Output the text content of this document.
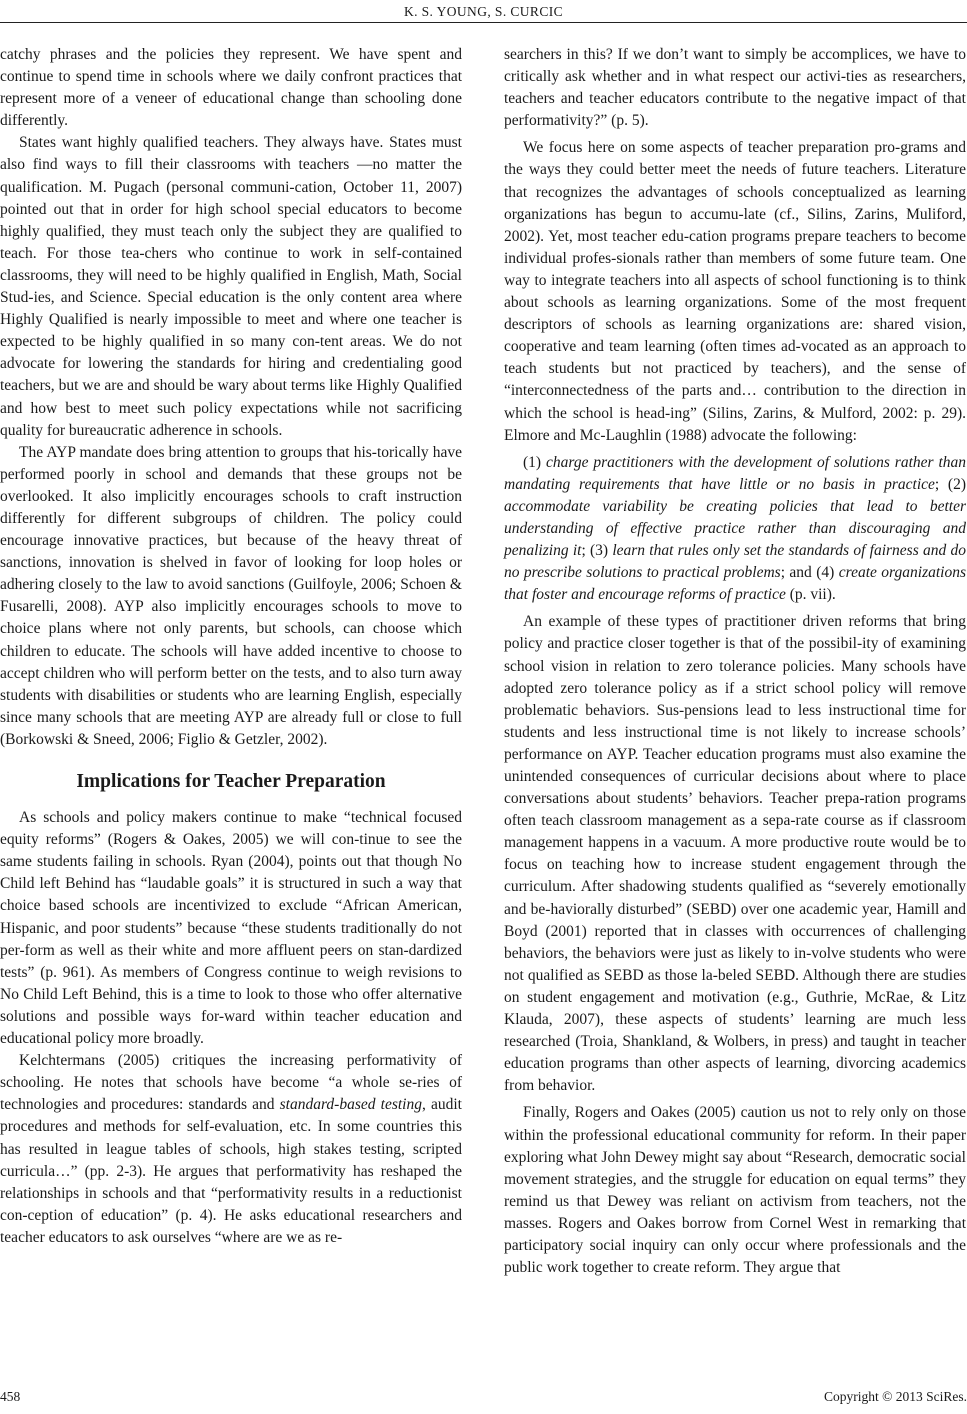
K. S. YOUNG, S. CURCIC

catchy phrases and the policies they represent. We have spent and continue to spend time in schools where we daily confront practices that represent more of a veneer of educational change than schooling done differently.

States want highly qualified teachers. They always have. States must also find ways to fill their classrooms with teachers —no matter the qualification. M. Pugach (personal communi-cation, October 11, 2007) pointed out that in order for high school special educators to become highly qualified, they must teach only the subject they are qualified to teach. For those tea-chers who continue to work in self-contained classrooms, they will need to be highly qualified in English, Math, Social Stud-ies, and Science. Special education is the only content area where Highly Qualified is nearly impossible to meet and where one teacher is expected to be highly qualified in so many con-tent areas. We do not advocate for lowering the standards for hiring and credentialing good teachers, but we are and should be wary about terms like Highly Qualified and how best to meet such policy expectations while not sacrificing quality for bureaucratic adherence in schools.

The AYP mandate does bring attention to groups that his-torically have performed poorly in school and demands that these groups not be overlooked. It also implicitly encourages schools to craft instruction differently for different subgroups of children. The policy could encourage innovative practices, but because of the heavy threat of sanctions, innovation is shelved in favor of looking for loop holes or adhering closely to the law to avoid sanctions (Guilfoyle, 2006; Schoen & Fusarelli, 2008). AYP also implicitly encourages schools to move to choice plans where not only parents, but schools, can choose which children to educate. The schools will have added incentive to choose to accept children who will perform better on the tests, and to also turn away students with disabilities or students who are learning English, especially since many schools that are meeting AYP are already full or close to full (Borkowski & Sneed, 2006; Figlio & Getzler, 2002).

Implications for Teacher Preparation

As schools and policy makers continue to make “technical focused equity reforms” (Rogers & Oakes, 2005) we will con-tinue to see the same students failing in schools. Ryan (2004), points out that though No Child left Behind has “laudable goals” it is structured in such a way that choice based schools are incentivized to exclude “African American, Hispanic, and poor students” because “these students traditionally do not per-form as well as their white and more affluent peers on stan-dardized tests” (p. 961). As members of Congress continue to weigh revisions to No Child Left Behind, this is a time to look to those who offer alternative solutions and possible ways for-ward within teacher education and educational policy more broadly.

Kelchtermans (2005) critiques the increasing performativity of schooling. He notes that schools have become “a whole se-ries of technologies and procedures: standards and standard-based testing, audit procedures and methods for self-evaluation, etc. In some countries this has resulted in league tables of schools, high stakes testing, scripted curricula…” (pp. 2-3). He argues that performativity has reshaped the relationships in schools and that “performativity results in a reductionist con-ception of education” (p. 4). He asks educational researchers and teacher educators to ask ourselves “where are we as re-

searchers in this? If we don’t want to simply be accomplices, we have to critically ask whether and in what respect our activi-ties as researchers, teachers and teacher educators contribute to the negative impact of that performativity?” (p. 5).

We focus here on some aspects of teacher preparation pro-grams and the ways they could better meet the needs of future teachers. Literature that recognizes the advantages of schools conceptualized as learning organizations has begun to accumu-late (cf., Silins, Zarins, Muliford, 2002). Yet, most teacher edu-cation programs prepare teachers to become individual profes-sionals rather than members of some future team. One way to integrate teachers into all aspects of school functioning is to think about schools as learning organizations. Some of the most frequent descriptors of schools as learning organizations are: shared vision, cooperative and team learning (often times ad-vocated as an approach to teach students but not practiced by teachers), and the sense of “interconnectedness of the parts and… contribution to the direction in which the school is head-ing” (Silins, Zarins, & Mulford, 2002: p. 29). Elmore and Mc-Laughlin (1988) advocate the following:

(1) charge practitioners with the development of solutions rather than mandating requirements that have little or no basis in practice; (2) accommodate variability be creating policies that lead to better understanding of effective practice rather than discouraging and penalizing it; (3) learn that rules only set the standards of fairness and do no prescribe solutions to practical problems; and (4) create organizations that foster and encourage reforms of practice (p. vii).

An example of these types of practitioner driven reforms that bring policy and practice closer together is that of the possibil-ity of examining school vision in relation to zero tolerance policies. Many schools have adopted zero tolerance policy as if a strict school policy will remove problematic behaviors. Sus-pensions lead to less instructional time for students and less instructional time is not likely to increase schools’ performance on AYP. Teacher education programs must also examine the unintended consequences of curricular decisions about where to place conversations about students’ behaviors. Teacher prepa-ration programs often teach classroom management as a sepa-rate course as if classroom management happens in a vacuum. A more productive route would be to focus on teaching how to increase student engagement through the curriculum. After shadowing students qualified as “severely emotionally and be-haviorally disturbed” (SEBD) over one academic year, Hamill and Boyd (2001) reported that in classes with occurrences of challenging behaviors, the behaviors were just as likely to in-volve students who were not qualified as SEBD as those la-beled SEBD. Although there are studies on student engagement and motivation (e.g., Guthrie, McRae, & Litz Klauda, 2007), these aspects of students’ learning are much less researched (Troia, Shankland, & Wolbers, in press) and taught in teacher education programs than other aspects of learning, divorcing academics from behavior.

Finally, Rogers and Oakes (2005) caution us not to rely only on those within the professional educational community for reform. In their paper exploring what John Dewey might say about “Research, democratic social movement strategies, and the struggle for education on equal terms” they remind us that Dewey was reliant on activism from teachers, not the masses. Rogers and Oakes borrow from Cornel West in remarking that participatory social inquiry can only occur where professionals and the public work together to create reform. They argue that

458	Copyright © 2013 SciRes.
